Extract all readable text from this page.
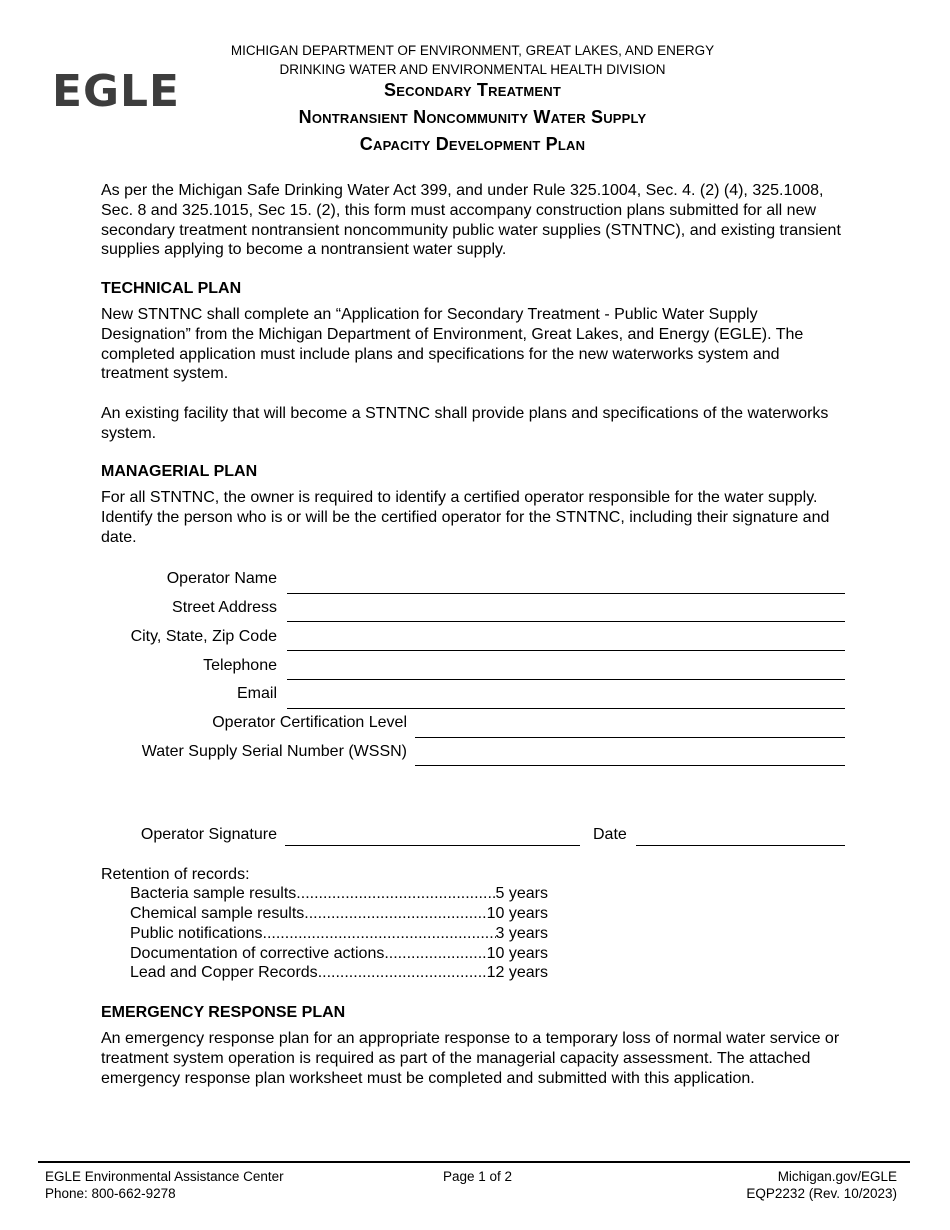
EGLE
MICHIGAN DEPARTMENT OF ENVIRONMENT, GREAT LAKES, AND ENERGY
DRINKING WATER AND ENVIRONMENTAL HEALTH DIVISION
Secondary Treatment
Nontransient Noncommunity Water Supply
Capacity Development Plan
As per the Michigan Safe Drinking Water Act 399, and under Rule 325.1004, Sec. 4. (2) (4), 325.1008, Sec. 8 and 325.1015, Sec 15. (2), this form must accompany construction plans submitted for all new secondary treatment nontransient noncommunity public water supplies (STNTNC), and existing transient supplies applying to become a nontransient water supply.
TECHNICAL PLAN
New STNTNC shall complete an “Application for Secondary Treatment - Public Water Supply Designation” from the Michigan Department of Environment, Great Lakes, and Energy (EGLE). The completed application must include plans and specifications for the new waterworks system and treatment system.
An existing facility that will become a STNTNC shall provide plans and specifications of the waterworks system.
MANAGERIAL PLAN
For all STNTNC, the owner is required to identify a certified operator responsible for the water supply. Identify the person who is or will be the certified operator for the STNTNC, including their signature and date.
Operator Name
Street Address
City, State, Zip Code
Telephone
Email
Operator Certification Level
Water Supply Serial Number (WSSN)
Operator Signature	Date
Retention of records:
Bacteria sample results .....	5 years
Chemical sample results .....	10 years
Public notifications .....	3 years
Documentation of corrective actions .....	10 years
Lead and Copper Records .....	12 years
EMERGENCY RESPONSE PLAN
An emergency response plan for an appropriate response to a temporary loss of normal water service or treatment system operation is required as part of the managerial capacity assessment. The attached emergency response plan worksheet must be completed and submitted with this application.
EGLE Environmental Assistance Center
Phone: 800-662-9278
Page 1 of 2	Michigan.gov/EGLE
EQP2232 (Rev. 10/2023)
